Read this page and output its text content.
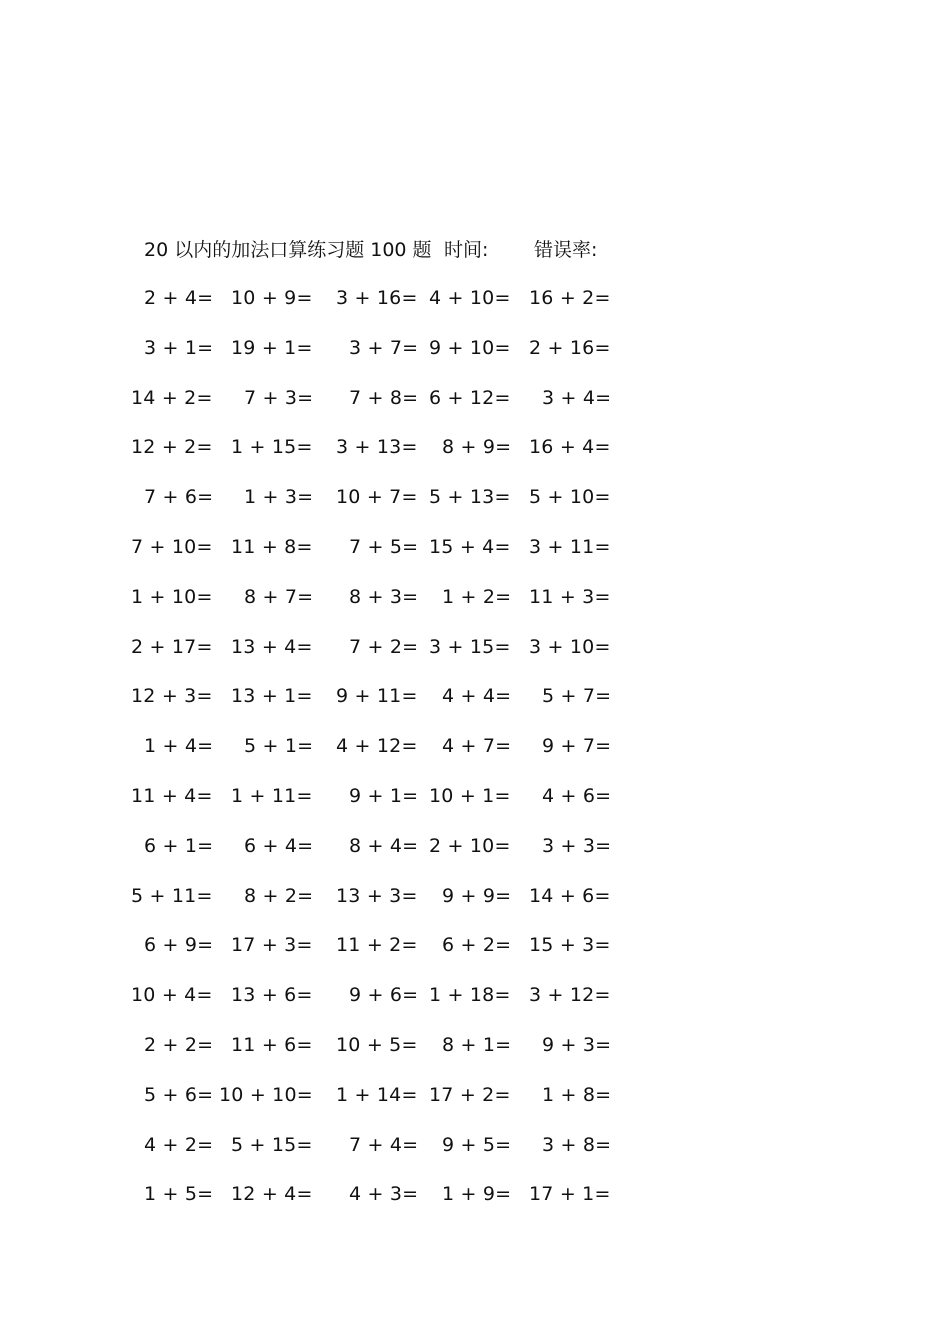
20 以内的加法口算练习题 100 题 时间: 错误率:
2 + 4= 10 + 9= 3 + 16= 4 + 10= 16 + 2=
3 + 1= 19 + 1= 3 + 7= 9 + 10= 2 + 16=
14 + 2= 7 + 3= 7 + 8= 6 + 12= 3 + 4=
12 + 2= 1 + 15= 3 + 13= 8 + 9= 16 + 4=
7 + 6= 1 + 3= 10 + 7= 5 + 13= 5 + 10=
7 + 10= 11 + 8= 7 + 5= 15 + 4= 3 + 11=
1 + 10= 8 + 7= 8 + 3= 1 + 2= 11 + 3=
2 + 17= 13 + 4= 7 + 2= 3 + 15= 3 + 10=
12 + 3= 13 + 1= 9 + 11= 4 + 4= 5 + 7=
1 + 4= 5 + 1= 4 + 12= 4 + 7= 9 + 7=
11 + 4= 1 + 11= 9 + 1= 10 + 1= 4 + 6=
6 + 1= 6 + 4= 8 + 4= 2 + 10= 3 + 3=
5 + 11= 8 + 2= 13 + 3= 9 + 9= 14 + 6=
6 + 9= 17 + 3= 11 + 2= 6 + 2= 15 + 3=
10 + 4= 13 + 6= 9 + 6= 1 + 18= 3 + 12=
2 + 2= 11 + 6= 10 + 5= 8 + 1= 9 + 3=
5 + 6= 10 + 10= 1 + 14= 17 + 2= 1 + 8=
4 + 2= 5 + 15= 7 + 4= 9 + 5= 3 + 8=
1 + 5= 12 + 4= 4 + 3= 1 + 9= 17 + 1=
